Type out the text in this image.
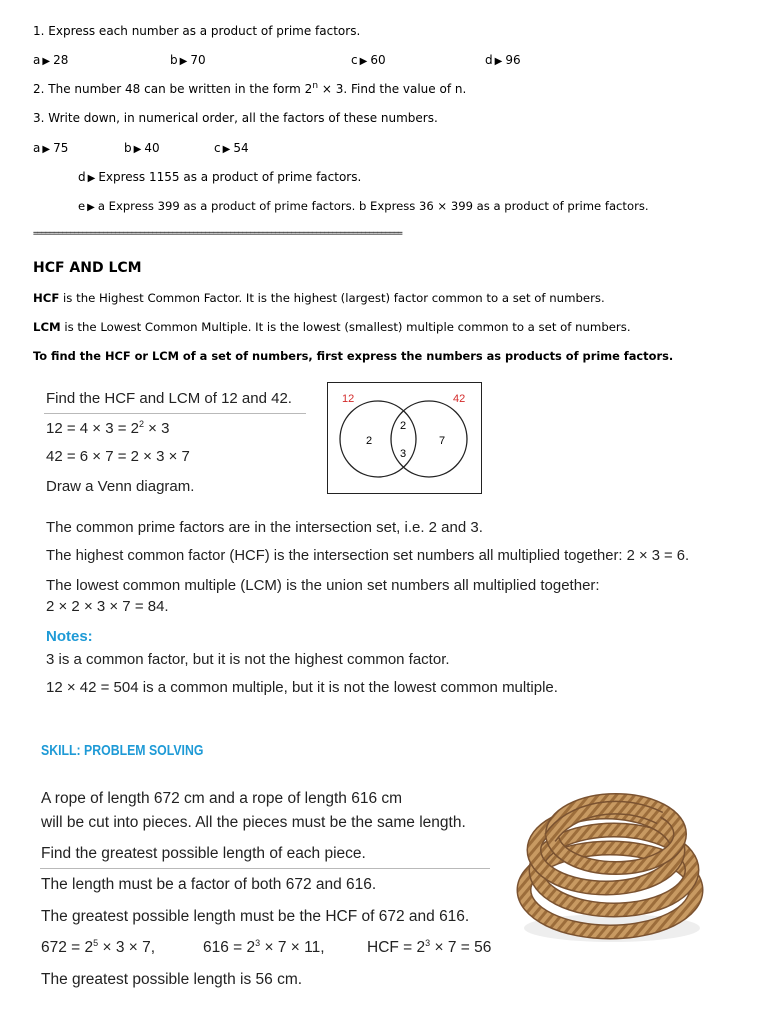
1. Express each number as a product of prime factors.
a ▶ 28	b ▶ 70	c ▶ 60	d ▶ 96
2. The number 48 can be written in the form $2^n \times 3$. Find the value of n.
3. Write down, in numerical order, all the factors of these numbers.
a ▶ 75	b ▶ 40	c ▶ 54
d ▶ Express 1155 as a product of prime factors.
e ▶ a Express 399 as a product of prime factors. b Express 36 × 399 as a product of prime factors.
==========================================================================================
HCF AND LCM
HCF is the Highest Common Factor. It is the highest (largest) factor common to a set of numbers.
LCM is the Lowest Common Multiple. It is the lowest (smallest) multiple common to a set of numbers.
To find the HCF or LCM of a set of numbers, first express the numbers as products of prime factors.
Find the HCF and LCM of 12 and 42.
$12 = 4 \times 3 = 2^2 \times 3$
42 = 6 × 7 = 2 × 3 × 7
Draw a Venn diagram.
12	42
2
2
3
7
The common prime factors are in the intersection set, i.e. 2 and 3.
The highest common factor (HCF) is the intersection set numbers all multiplied together: 2 × 3 = 6.
The lowest common multiple (LCM) is the union set numbers all multiplied together:
2 × 2 × 3 × 7 = 84.
Notes:
3 is a common factor, but it is not the highest common factor.
12 × 42 = 504 is a common multiple, but it is not the lowest common multiple.
SKILL: PROBLEM SOLVING
A rope of length 672 cm and a rope of length 616 cm
will be cut into pieces. All the pieces must be the same length.
Find the greatest possible length of each piece.
The length must be a factor of both 672 and 616.
The greatest possible length must be the HCF of 672 and 616.
$672 = 2^5 \times 3 \times 7$,	$616 = 2^3 \times 7 \times 11$,	HCF = $2^3 \times 7 = 56$
The greatest possible length is 56 cm.
